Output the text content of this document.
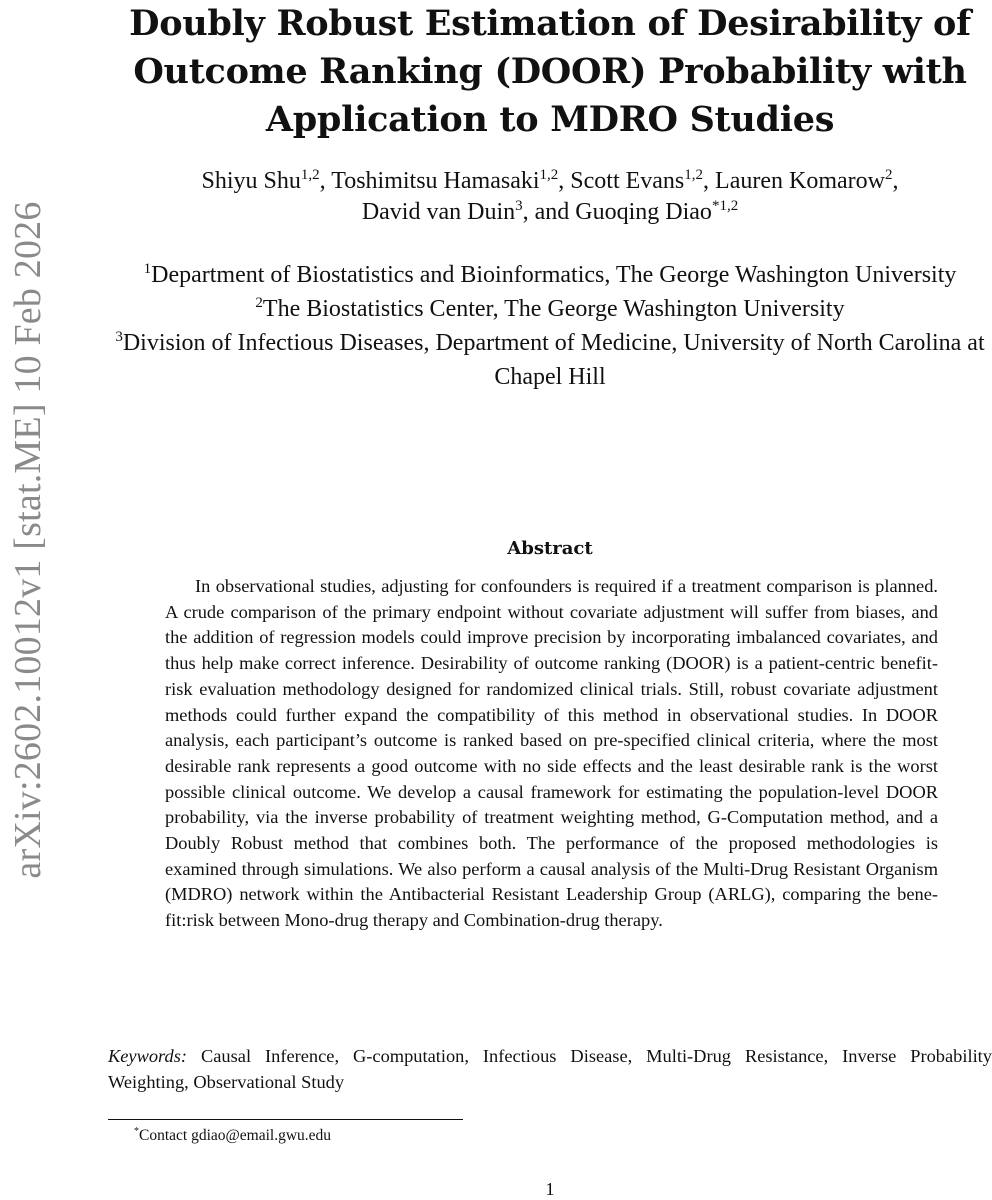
arXiv:2602.10012v1 [stat.ME] 10 Feb 2026
Doubly Robust Estimation of Desirability of
Outcome Ranking (DOOR) Probability with
Application to MDRO Studies
Shiyu Shu$^{1,2}$, Toshimitsu Hamasaki$^{1,2}$, Scott Evans$^{1,2}$, Lauren Komarow$^2$,
David van Duin$^3$, and Guoqing Diao$^{*1,2}$
$^1$Department of Biostatistics and Bioinformatics, The George Washington University
$^2$The Biostatistics Center, The George Washington University
$^3$Division of Infectious Diseases, Department of Medicine, University of North Carolina at Chapel Hill
Abstract

In observational studies, adjusting for confounders is required if a treatment comparison is planned. A crude comparison of the primary endpoint without covariate adjustment will suffer from biases, and the addition of regression models could improve precision by incorporating imbalanced covariates, and thus help make correct inference. Desirability of outcome ranking (DOOR) is a patient-centric benefit-risk evaluation methodology designed for randomized clinical trials. Still, robust covariate adjustment methods could further expand the compatibility of this method in observational studies. In DOOR analysis, each participant’s outcome is ranked based on pre-specified clinical criteria, where the most desirable rank represents a good outcome with no side effects and the least desirable rank is the worst possible clinical outcome. We develop a causal framework for estimating the population-level DOOR probability, via the inverse probability of treatment weighting method, G-Computation method, and a Doubly Robust method that combines both. The performance of the proposed methodologies is examined through simulations. We also perform a causal analysis of the Multi-Drug Resistant Organism (MDRO) network within the Antibacterial Resistant Leadership Group (ARLG), comparing the benefit:risk between Mono-drug therapy and Combination-drug therapy.

Keywords: Causal Inference, G-computation, Infectious Disease, Multi-Drug Resistance, Inverse Probability Weighting, Observational Study
*Contact gdiao@email.gwu.edu
1
